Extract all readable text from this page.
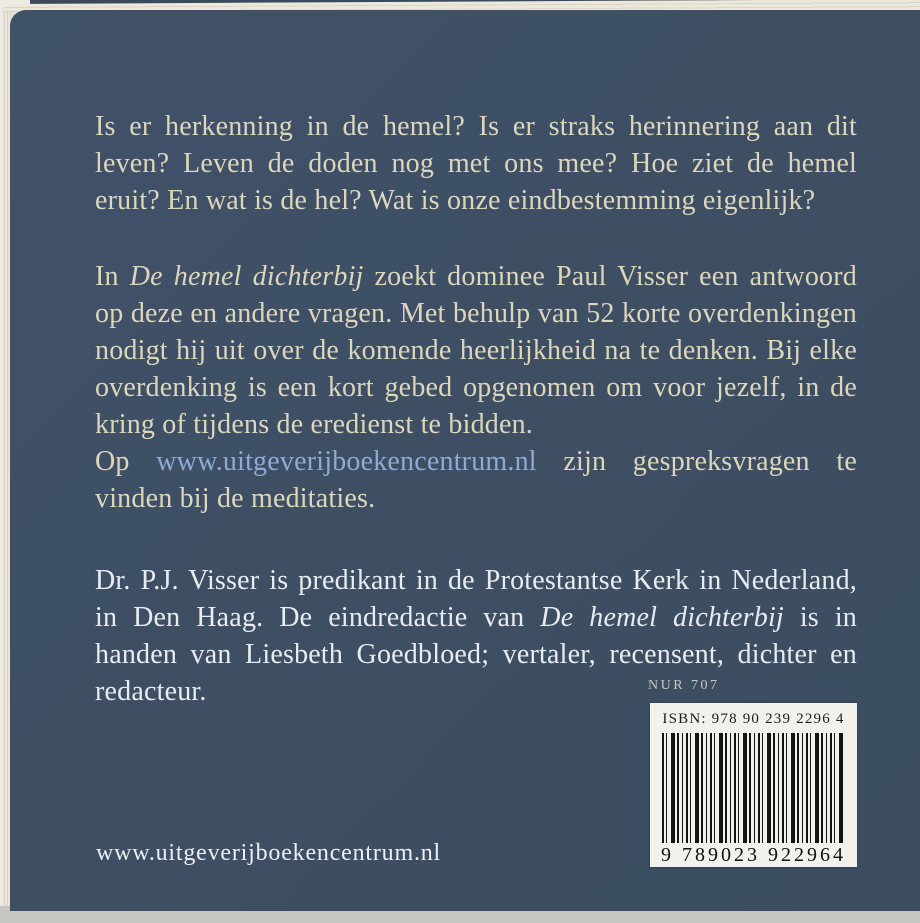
Is er herkenning in de hemel? Is er straks herinnering aan dit leven? Leven de doden nog met ons mee? Hoe ziet de hemel eruit? En wat is de hel? Wat is onze eindbestemming eigenlijk?

In De hemel dichterbij zoekt dominee Paul Visser een antwoord op deze en andere vragen. Met behulp van 52 korte overdenkingen nodigt hij uit over de komende heerlijkheid na te denken. Bij elke overdenking is een kort gebed opgenomen om voor jezelf, in de kring of tijdens de eredienst te bidden.
Op www.uitgeverijboekencentrum.nl zijn gespreksvragen te vinden bij de meditaties.

Dr. P.J. Visser is predikant in de Protestantse Kerk in Nederland, in Den Haag. De eindredactie van De hemel dichterbij is in handen van Liesbeth Goedbloed; vertaler, recensent, dichter en redacteur.	NUR 707
ISBN: 978 90 239 2296 4
9 789023 922964
www.uitgeverijboekencentrum.nl
